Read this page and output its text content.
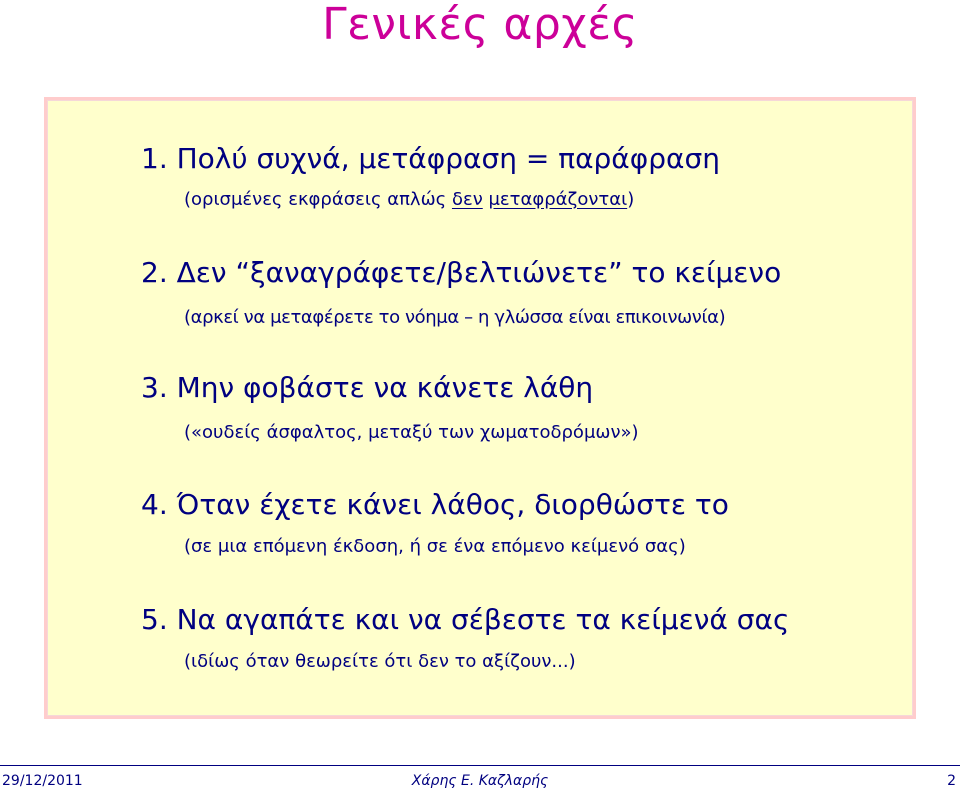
Γενικές αρχές
1. Πολύ συχνά, μετάφραση = παράφραση
(ορισμένες εκφράσεις απλώς δεν μεταφράζονται)
2. Δεν “ξαναγράφετε/βελτιώνετε” το κείμενο
(αρκεί να μεταφέρετε το νόημα – η γλώσσα είναι επικοινωνία)
3. Μην φοβάστε να κάνετε λάθη
(«ουδείς άσφαλτος, μεταξύ των χωματοδρόμων»)
4. Όταν έχετε κάνει λάθος, διορθώστε το
(σε μια επόμενη έκδοση, ή σε ένα επόμενο κείμενό σας)
5. Να αγαπάτε και να σέβεστε τα κείμενά σας
(ιδίως όταν θεωρείτε ότι δεν το αξίζουν...)
29/12/2011	Χάρης Ε. Καζλαρής	2
